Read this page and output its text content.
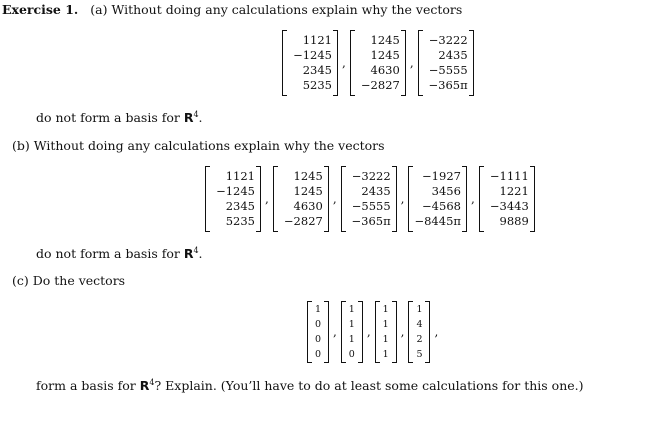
Exercise 1. (a) Without doing any calculations explain why the vectors
1121
−1245
2345
5235
,
1245
1245
4630
−2827
,
−3222
2435
−5555
−365π
do not form a basis for $R^4$.
(b) Without doing any calculations explain why the vectors
1121
−1245
2345
5235
,
1245
1245
4630
−2827
,
−3222
2435
−5555
−365π
,
−1927
3456
−4568
−8445π
,
−1111
1221
−3443
9889
do not form a basis for $R^4$.
(c) Do the vectors
1
0
0
0
,
1
1
1
0
,
1
1
1
1
,
1
4
2
5
,
form a basis for $R^4$? Explain. (You’ll have to do at least some calculations for this one.)
